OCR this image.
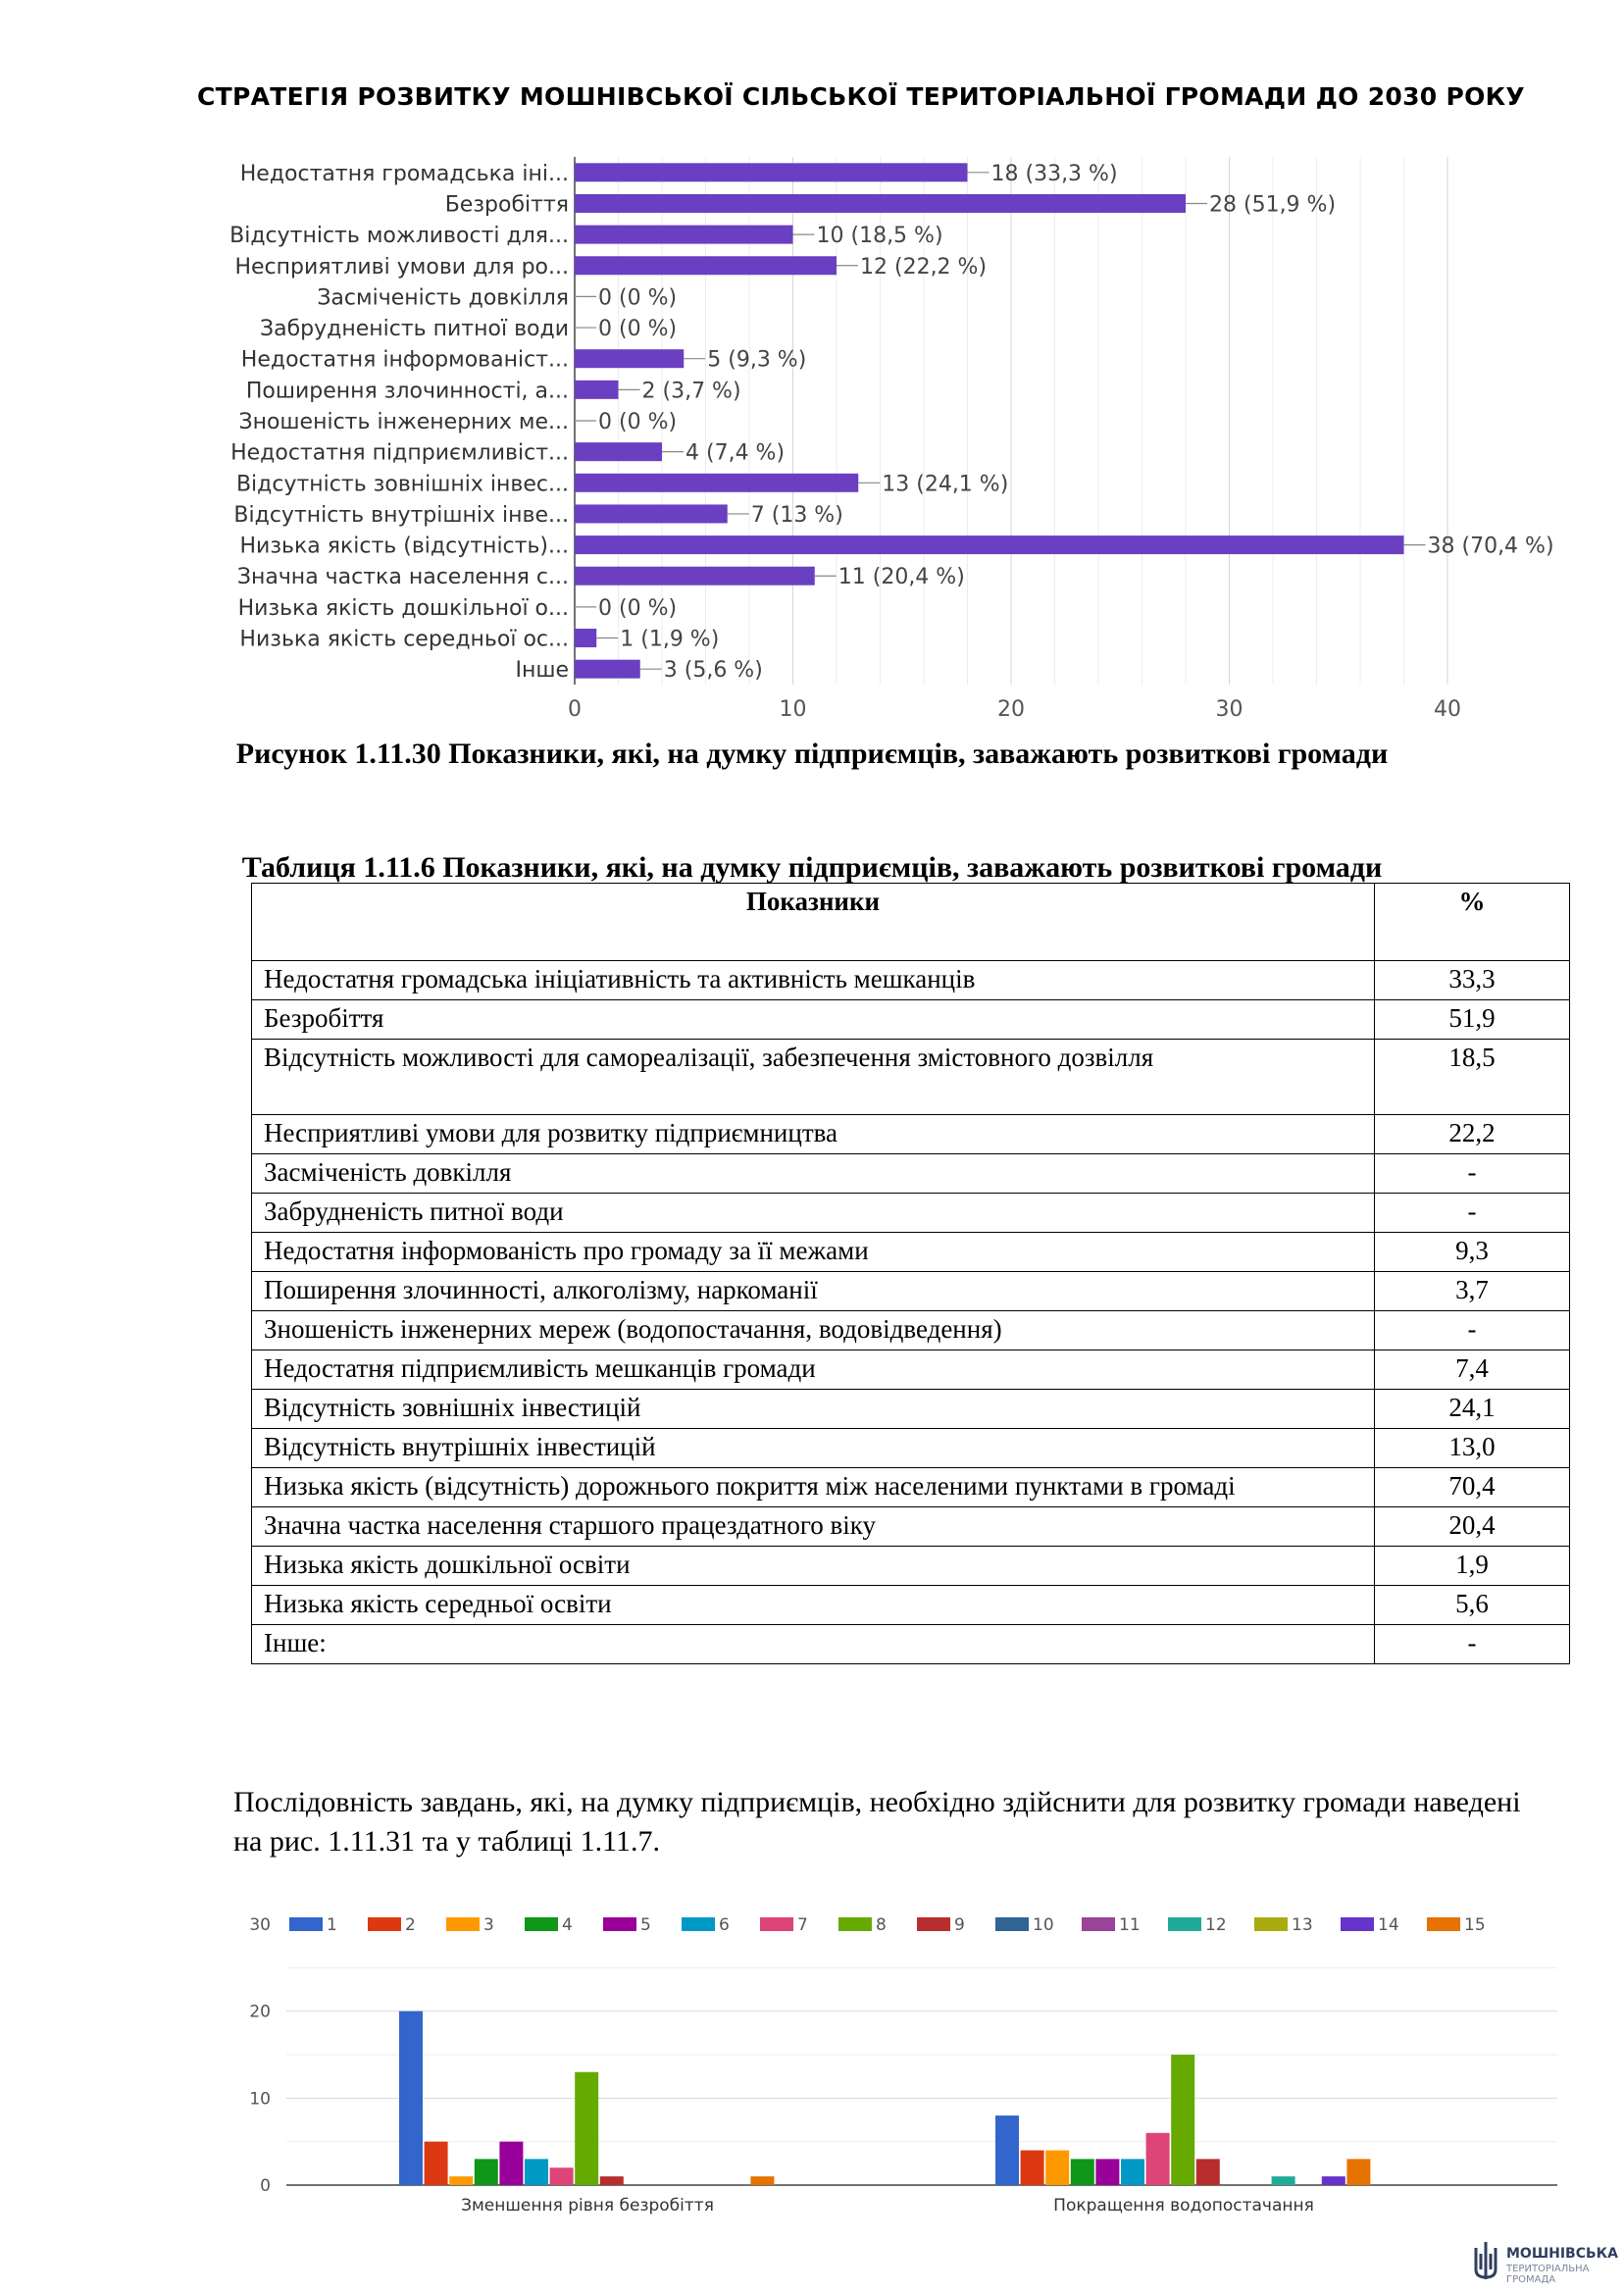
СТРАТЕГІЯ РОЗВИТКУ МОШНІВСЬКОЇ СІЛЬСЬКОЇ ТЕРИТОРІАЛЬНОЇ ГРОМАДИ ДО 2030 РОКУ
0	10	20	30	40
Недостатня громадська іні...	18 (33,3 %)
Безробіття	28 (51,9 %)
Відсутність можливості для...	10 (18,5 %)
Несприятливі умови для ро...	12 (22,2 %)
Засміченість довкілля 0 (0 %)
Забрудненість питної води 0 (0 %)
Недостатня інформованіст...	5 (9,3 %)
Поширення злочинності, а...	2 (3,7 %)
Зношеність інженерних ме... 0 (0 %)
Недостатня підприємливіст...	4 (7,4 %)
Відсутність зовнішніх інвес...	13 (24,1 %)
Відсутність внутрішніх інве...	7 (13 %)
Низька якість (відсутність)...	38 (70,4 %)
Значна частка населення с...	11 (20,4 %)
Низька якість дошкільної о... 0 (0 %)
Низька якість середньої ос... 1 (1,9 %)
Інше	3 (5,6 %)
Рисунок 1.11.30 Показники, які, на думку підприємців, заважають розвиткові громади
Таблиця 1.11.6 Показники, які, на думку підприємців, заважають розвиткові громади
Показники	%
Недостатня громадська ініціативність та активність мешканців	33,3
Безробіття	51,9
Відсутність можливості для самореалізації, забезпечення змістовного дозвілля	18,5
Несприятливі умови для розвитку підприємництва	22,2
Засміченість довкілля	-
Забрудненість питної води	-
Недостатня інформованість про громаду за її межами	9,3
Поширення злочинності, алкоголізму, наркоманії	3,7
Зношеність інженерних мереж (водопостачання, водовідведення)	-
Недостатня підприємливість мешканців громади	7,4
Відсутність зовнішніх інвестицій	24,1
Відсутність внутрішніх інвестицій	13,0
Низька якість (відсутність) дорожнього покриття між населеними пунктами в громаді	70,4
Значна частка населення старшого працездатного віку	20,4
Низька якість дошкільної освіти	1,9
Низька якість середньої освіти	5,6
Інше:	-
Послідовність завдань, які, на думку підприємців, необхідно здійснити для розвитку громади наведені на рис. 1.11.31 та у таблиці 1.11.7.
0
10
20
30	1	2	3	4	5	6	7	8	9	10	11	12	13	14	15
Зменшення рівня безробіття	Покращення водопостачання
МОШНІВСЬКА
ТЕРИТОРІАЛЬНА
ГРОМАДА
